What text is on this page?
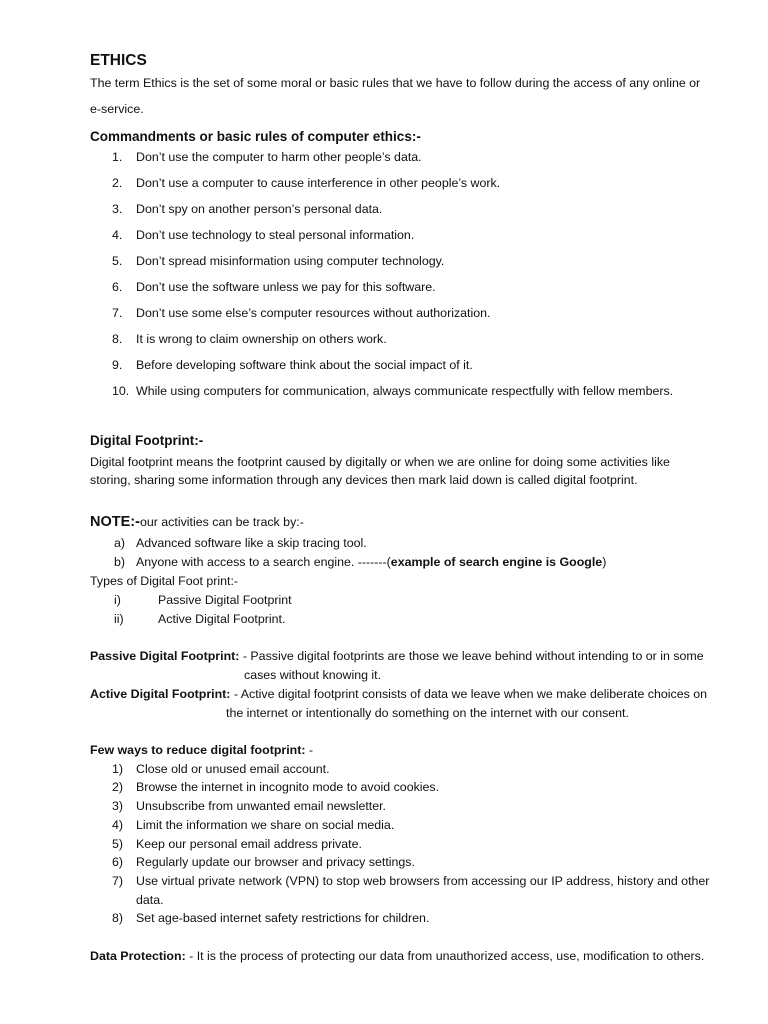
ETHICS
The term Ethics is the set of some moral or basic rules that we have to follow during the access of any online or
e-service.
Commandments or basic rules of computer ethics:-
1. Don’t use the computer to harm other people’s data.
2. Don’t use a computer to cause interference in other people’s work.
3. Don’t spy on another person’s personal data.
4. Don’t use technology to steal personal information.
5. Don’t spread misinformation using computer technology.
6. Don’t use the software unless we pay for this software.
7. Don’t use some else’s computer resources without authorization.
8. It is wrong to claim ownership on others work.
9. Before developing software think about the social impact of it.
10. While using computers for communication, always communicate respectfully with fellow members.
Digital Footprint:-
Digital footprint means the footprint caused by digitally or when we are online for doing some activities like
storing, sharing some information through any devices then mark laid down is called digital footprint.
NOTE:-our activities can be track by:-
a) Advanced software like a skip tracing tool.
b) Anyone with access to a search engine. -------(example of search engine is Google)
Types of Digital Foot print:-
i)	Passive Digital Footprint
ii)	Active Digital Footprint.
Passive Digital Footprint: - Passive digital footprints are those we leave behind without intending to or in some
cases without knowing it.
Active Digital Footprint: - Active digital footprint consists of data we leave when we make deliberate choices on
the internet or intentionally do something on the internet with our consent.
Few ways to reduce digital footprint: -
1) Close old or unused email account.
2) Browse the internet in incognito mode to avoid cookies.
3) Unsubscribe from unwanted email newsletter.
4) Limit the information we share on social media.
5) Keep our personal email address private.
6) Regularly update our browser and privacy settings.
7) Use virtual private network (VPN) to stop web browsers from accessing our IP address, history and other
data.
8) Set age-based internet safety restrictions for children.
Data Protection: - It is the process of protecting our data from unauthorized access, use, modification to others.
